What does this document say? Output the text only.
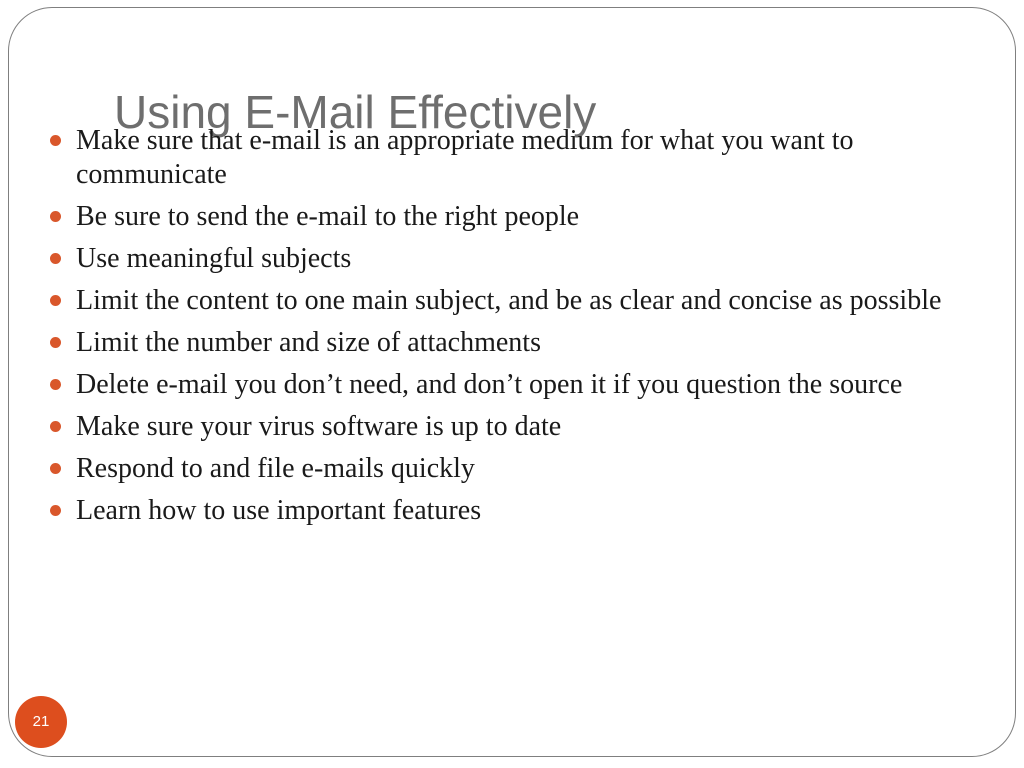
Using E-Mail Effectively
Make sure that e-mail is an appropriate medium for what you want to communicate
Be sure to send the e-mail to the right people
Use meaningful subjects
Limit the content to one main subject, and be as clear and concise as possible
Limit the number and size of attachments
Delete e-mail you don’t need, and don’t open it if you question the source
Make sure your virus software is up to date
Respond to and file e-mails quickly
Learn how to use important features
21
